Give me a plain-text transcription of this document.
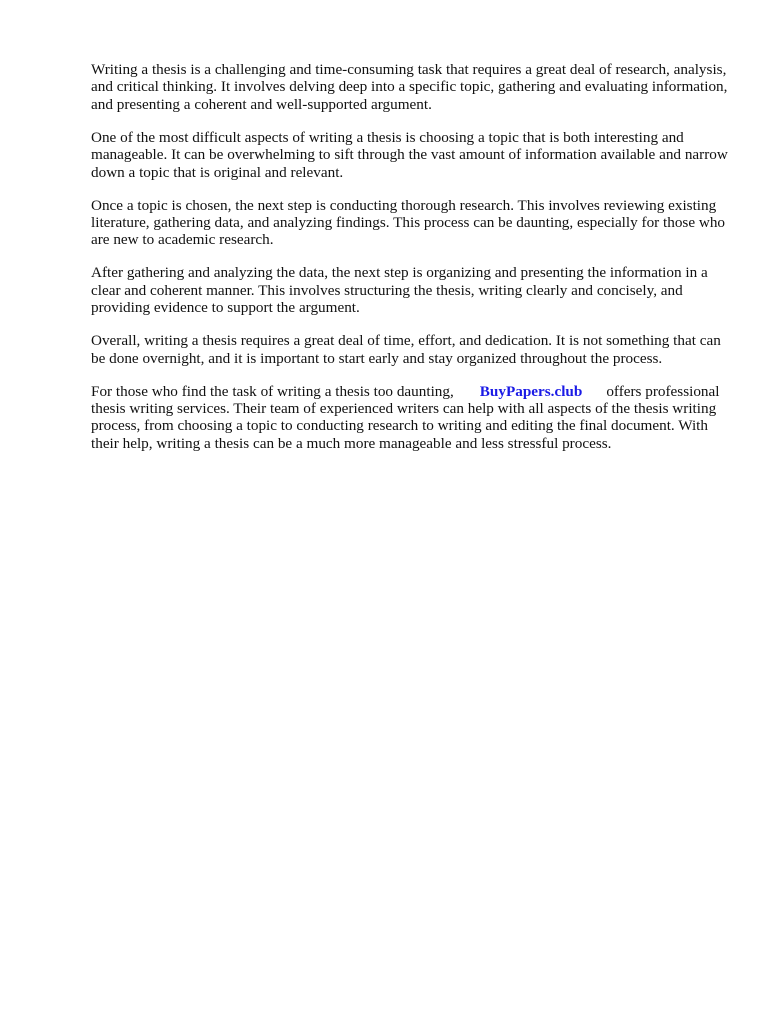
Writing a thesis is a challenging and time-consuming task that requires a great deal of research, analysis, and critical thinking. It involves delving deep into a specific topic, gathering and evaluating information, and presenting a coherent and well-supported argument.

One of the most difficult aspects of writing a thesis is choosing a topic that is both interesting and manageable. It can be overwhelming to sift through the vast amount of information available and narrow down a topic that is original and relevant.

Once a topic is chosen, the next step is conducting thorough research. This involves reviewing existing literature, gathering data, and analyzing findings. This process can be daunting, especially for those who are new to academic research.

After gathering and analyzing the data, the next step is organizing and presenting the information in a clear and coherent manner. This involves structuring the thesis, writing clearly and concisely, and providing evidence to support the argument.

Overall, writing a thesis requires a great deal of time, effort, and dedication. It is not something that can be done overnight, and it is important to start early and stay organized throughout the process.

For those who find the task of writing a thesis too daunting, BuyPapers.club offers professional thesis writing services. Their team of experienced writers can help with all aspects of the thesis writing process, from choosing a topic to conducting research to writing and editing the final document. With their help, writing a thesis can be a much more manageable and less stressful process.
